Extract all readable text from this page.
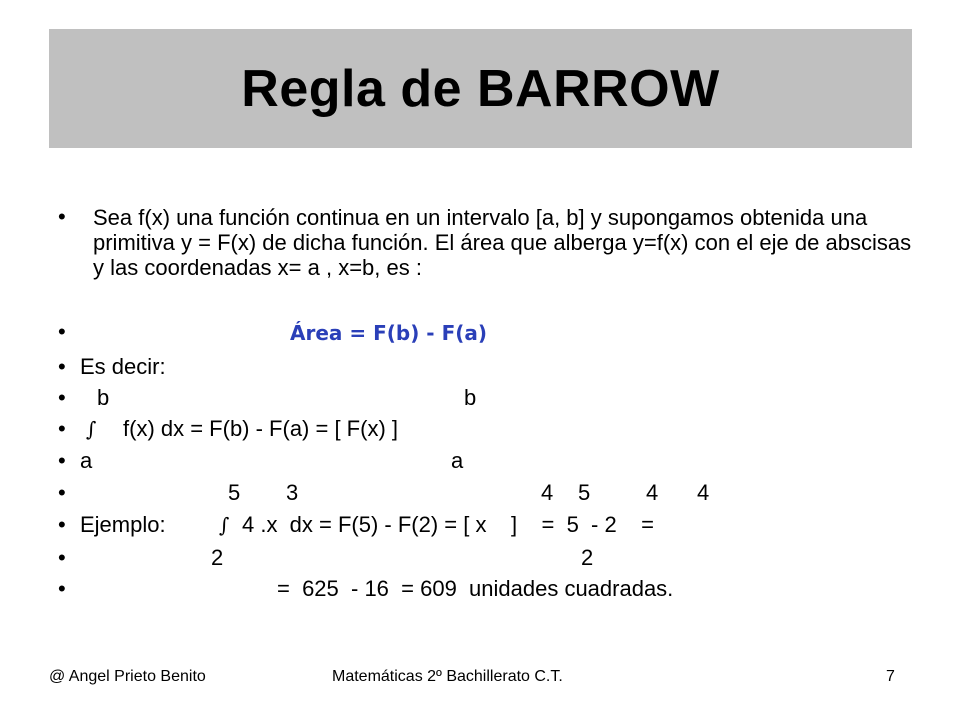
Regla de BARROW

•

Sea f(x) una función continua en un intervalo [a, b] y supongamos obtenida una primitiva y = F(x) de dicha función. El área que alberga y=f(x) con el eje de abscisas y las coordenadas x= a , x=b, es :

•

	Área = F(b) - F(a)

•

Es decir:

•

b

	b

•

∫

f(x) dx = F(b) - F(a) = [ F(x) ]

•

a

	a

•

	5

3

	4

5

	4

4

•

Ejemplo:

	∫

4 .x  dx = F(5) - F(2) = [ x    ]    =  5  - 2    =

•

	2

	2

•

	=  625  - 16  = 609  unidades cuadradas.

@ Angel Prieto Benito	Matemáticas 2º Bachillerato C.T.	7
